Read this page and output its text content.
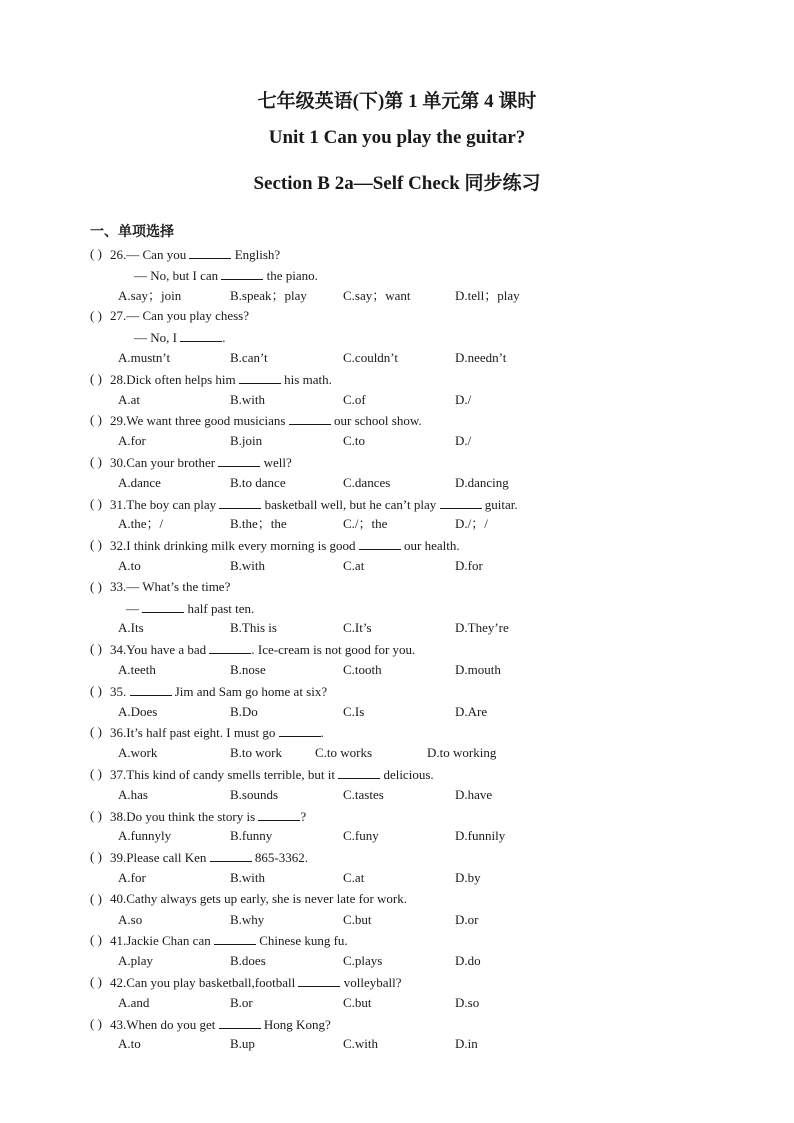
七年级英语(下)第 1 单元第 4 课时
Unit 1 Can you play the guitar?
Section B 2a—Self Check 同步练习
一、单项选择
( ) 26.— Can you	English?
— No, but I can	the piano.
A.say；join	B.speak；play	C.say；want	D.tell；play
( ) 27.— Can you play chess?
— No, I	.
A.mustn’t	B.can’t	C.couldn’t	D.needn’t
( ) 28.Dick often helps him	his math.
A.at	B.with	C.of	D./
( ) 29.We want three good musicians	our school show.
A.for	B.join	C.to	D./
( ) 30.Can your brother	well?
A.dance	B.to dance	C.dances	D.dancing
( ) 31.The boy can play	basketball well, but he can’t play	guitar.
A.the；/	B.the；the	C./；the	D./；/
( ) 32.I think drinking milk every morning is good	our health.
A.to	B.with	C.at	D.for
( ) 33.— What’s the time?
—	half past ten.
A.Its	B.This is	C.It’s	D.They’re
( ) 34.You have a bad	. Ice-cream is not good for you.
A.teeth	B.nose	C.tooth	D.mouth
( ) 35.	Jim and Sam go home at six?
A.Does	B.Do	C.Is	D.Are
( ) 36.It’s half past eight. I must go	.
A.work	B.to work	C.to works	D.to working
( ) 37.This kind of candy smells terrible, but it	delicious.
A.has	B.sounds	C.tastes	D.have
( ) 38.Do you think the story is	?
A.funnyly	B.funny	C.funy	D.funnily
( ) 39.Please call Ken	865-3362.
A.for	B.with	C.at	D.by
( ) 40.Cathy always gets up early, she is never late for work.
A.so	B.why	C.but	D.or
( ) 41.Jackie Chan can	Chinese kung fu.
A.play	B.does	C.plays	D.do
( ) 42.Can you play basketball,football	volleyball?
A.and	B.or	C.but	D.so
( ) 43.When do you get	Hong Kong?
A.to	B.up	C.with	D.in
